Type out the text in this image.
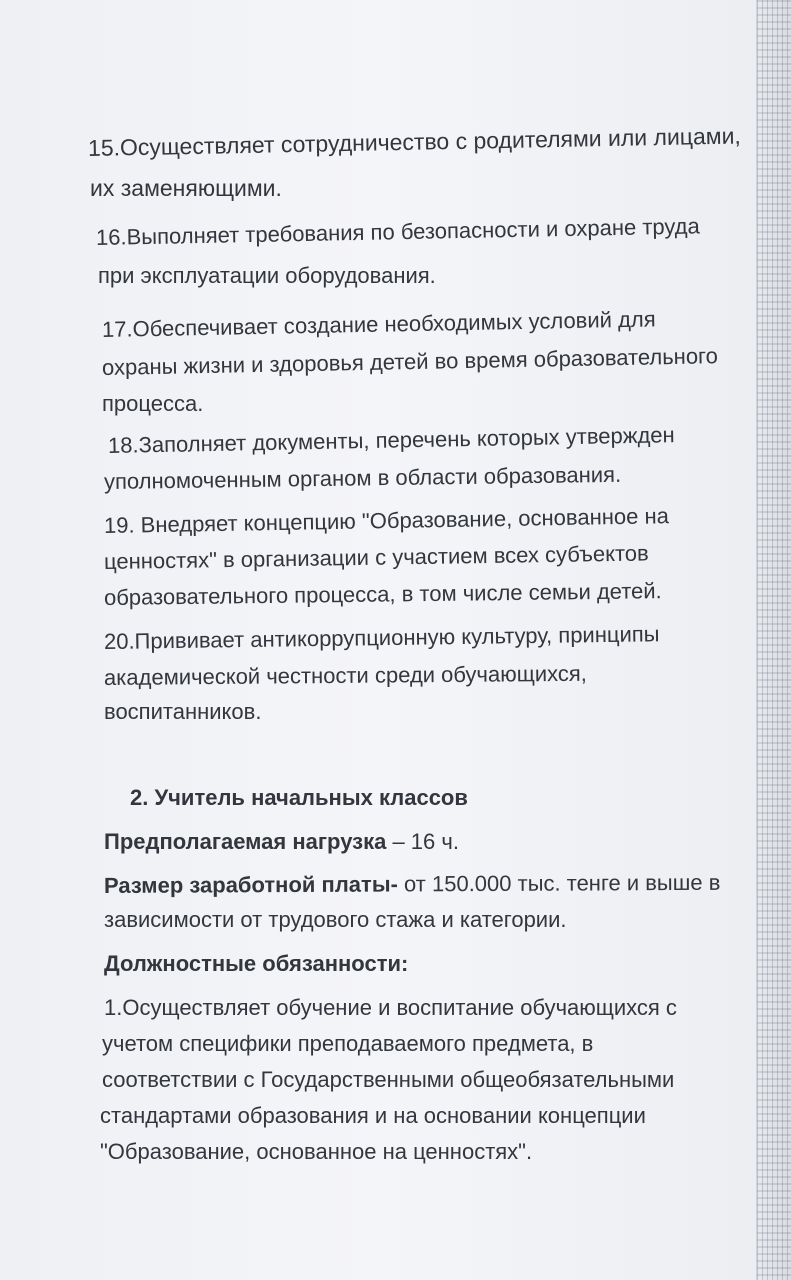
15.Осуществляет сотрудничество с родителями или лицами,

их заменяющими.

16.Выполняет требования по безопасности и охране труда

при эксплуатации оборудования.

17.Обеспечивает создание необходимых условий для

охраны жизни и здоровья детей во время образовательного

процесса.

18.Заполняет документы, перечень которых утвержден

уполномоченным органом в области образования.

19. Внедряет концепцию "Образование, основанное на

ценностях" в организации с участием всех субъектов

образовательного процесса, в том числе семьи детей.

20.Прививает антикоррупционную культуру, принципы

академической честности среди обучающихся,

воспитанников.

2. Учитель начальных классов

Предполагаемая нагрузка – 16 ч.

Размер заработной платы- от 150.000 тыс. тенге и выше в

зависимости от трудового стажа и категории.

Должностные обязанности:

1.Осуществляет обучение и воспитание обучающихся с

учетом специфики преподаваемого предмета, в

соответствии с Государственными общеобязательными

стандартами образования и на основании концепции

"Образование, основанное на ценностях".
